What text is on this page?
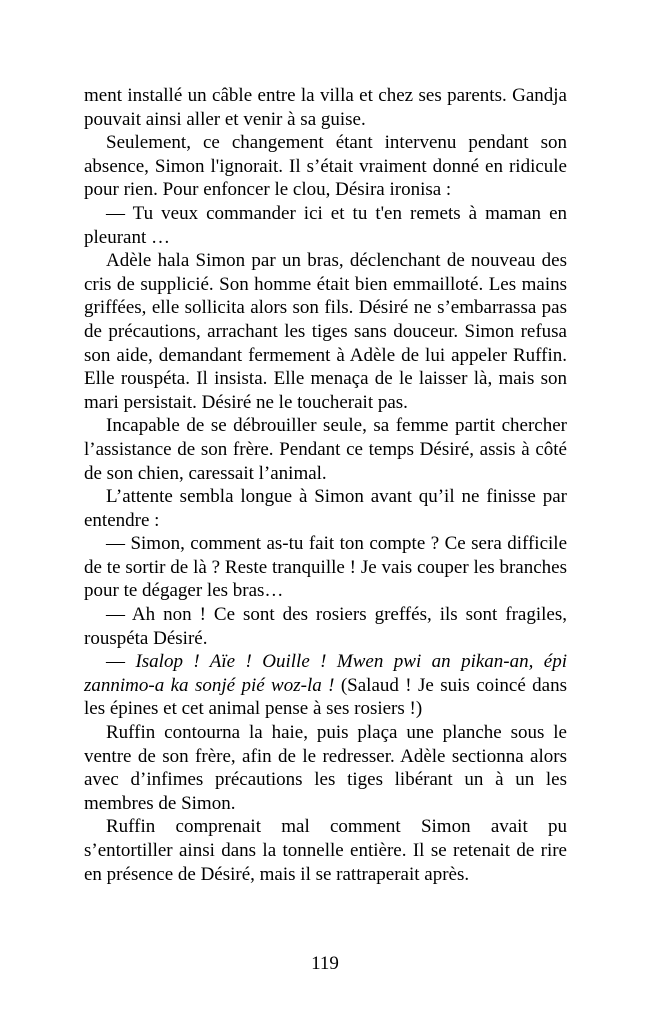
ment installé un câble entre la villa et chez ses parents. Gandja pouvait ainsi aller et venir à sa guise.

Seulement, ce changement étant intervenu pendant son absence, Simon l'ignorait. Il s’était vraiment donné en ridicule pour rien. Pour enfoncer le clou, Désira ironisa :

— Tu veux commander ici et tu t'en remets à maman en pleurant …

Adèle hala Simon par un bras, déclenchant de nouveau des cris de supplicié. Son homme était bien emmailloté. Les mains griffées, elle sollicita alors son fils. Désiré ne s’embarrassa pas de précautions, arrachant les tiges sans douceur. Simon refusa son aide, demandant fermement à Adèle de lui appeler Ruffin. Elle rouspéta. Il insista. Elle menaça de le laisser là, mais son mari persistait. Désiré ne le toucherait pas.

Incapable de se débrouiller seule, sa femme partit chercher l’assistance de son frère. Pendant ce temps Désiré, assis à côté de son chien, caressait l’animal.

L’attente sembla longue à Simon avant qu’il ne finisse par entendre :

— Simon, comment as-tu fait ton compte ? Ce sera difficile de te sortir de là ? Reste tranquille ! Je vais couper les branches pour te dégager les bras…

— Ah non ! Ce sont des rosiers greffés, ils sont fragiles, rouspéta Désiré.

— Isalop ! Aïe ! Ouille ! Mwen pwi an pikan-an, épi zannimo-a ka sonjé pié woz-la ! (Salaud ! Je suis coincé dans les épines et cet animal pense à ses rosiers !)

Ruffin contourna la haie, puis plaça une planche sous le ventre de son frère, afin de le redresser. Adèle sectionna alors avec d’infimes précautions les tiges libérant un à un les membres de Simon.

Ruffin comprenait mal comment Simon avait pu s’entortiller ainsi dans la tonnelle entière. Il se retenait de rire en présence de Désiré, mais il se rattraperait après.

119
